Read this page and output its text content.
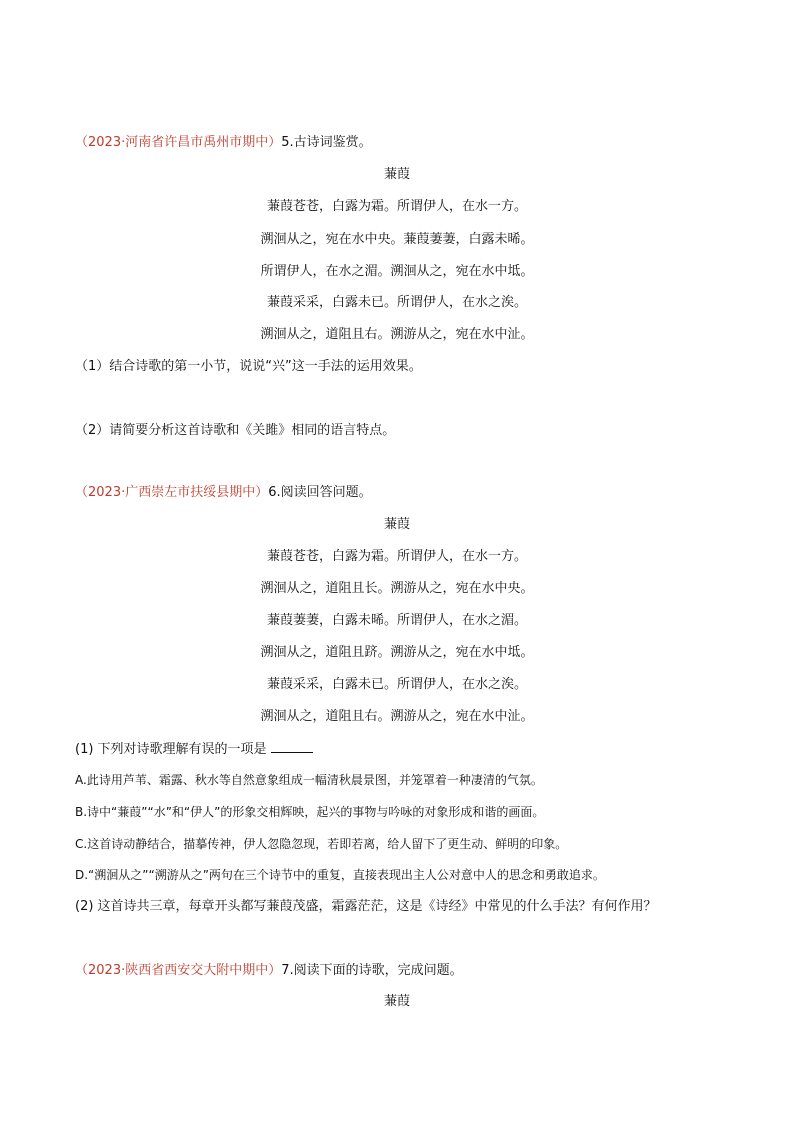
（2023·河南省许昌市禹州市期中）5.古诗词鉴赏。
蒹葭
蒹葭苍苍，白露为霜。所谓伊人，在水一方。
溯洄从之，宛在水中央。蒹葭萋萋，白露未晞。
所谓伊人，在水之湄。溯洄从之，宛在水中坻。
蒹葭采采，白露未已。所谓伊人，在水之涘。
溯洄从之，道阻且右。溯游从之，宛在水中沚。
（1）结合诗歌的第一小节，说说“兴”这一手法的运用效果。
（2）请简要分析这首诗歌和《关雎》相同的语言特点。
（2023·广西崇左市扶绥县期中）6.阅读回答问题。
蒹葭
蒹葭苍苍，白露为霜。所谓伊人，在水一方。
溯洄从之，道阻且长。溯游从之，宛在水中央。
蒹葭萋萋，白露未晞。所谓伊人，在水之湄。
溯洄从之，道阻且跻。溯游从之，宛在水中坻。
蒹葭采采，白露未已。所谓伊人，在水之涘。
溯洄从之，道阻且右。溯游从之，宛在水中沚。
(1) 下列对诗歌理解有误的一项是
A.此诗用芦苇、霜露、秋水等自然意象组成一幅清秋晨景图，并笼罩着一种凄清的气氛。
B.诗中“蒹葭”“水”和“伊人”的形象交相辉映，起兴的事物与吟咏的对象形成和谐的画面。
C.这首诗动静结合，描摹传神，伊人忽隐忽现，若即若离，给人留下了更生动、鲜明的印象。
D.“溯洄从之”“溯游从之”两句在三个诗节中的重复，直接表现出主人公对意中人的思念和勇敢追求。
(2) 这首诗共三章，每章开头都写蒹葭茂盛，霜露茫茫，这是《诗经》中常见的什么手法？有何作用？
（2023·陕西省西安交大附中期中）7.阅读下面的诗歌，完成问题。
蒹葭
